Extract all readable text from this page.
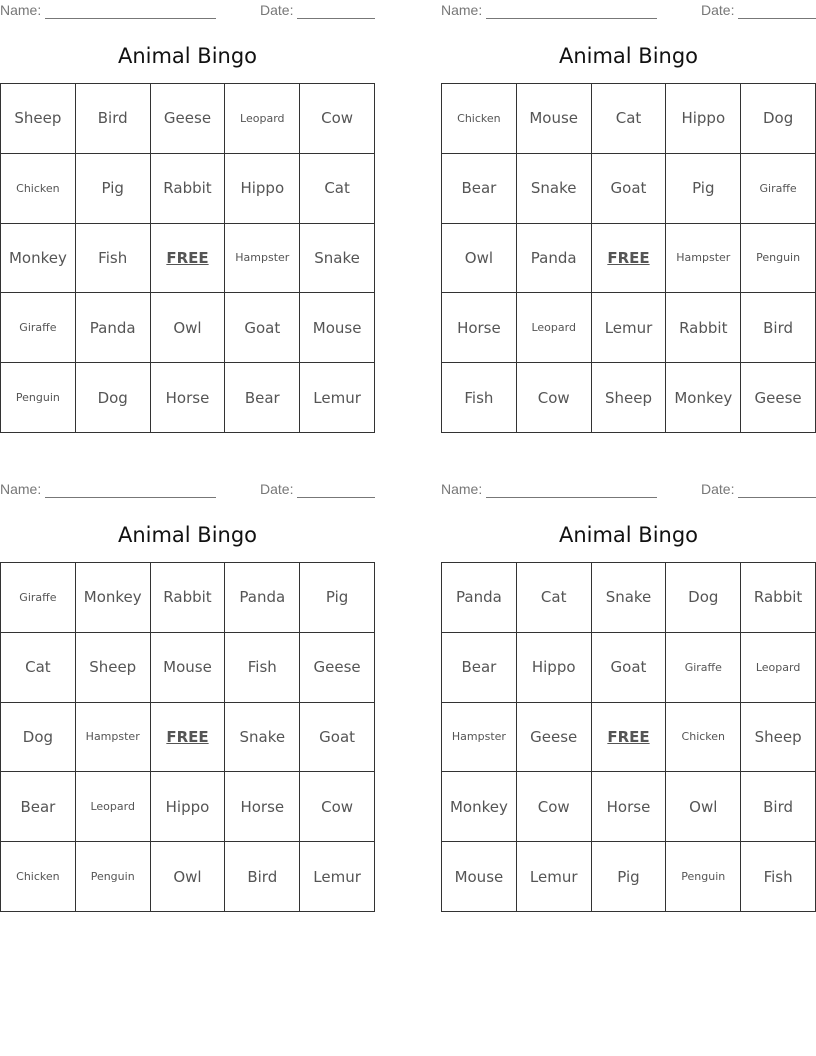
Name:	Date:
Animal Bingo
Sheep	Bird	Geese	Leopard	Cow
Chicken	Pig	Rabbit	Hippo	Cat
Monkey	Fish	FREE	Hampster	Snake
Giraffe	Panda	Owl	Goat	Mouse
Penguin	Dog	Horse	Bear	Lemur
Name:	Date:
Animal Bingo
Chicken	Mouse	Cat	Hippo	Dog
Bear	Snake	Goat	Pig	Giraffe
Owl	Panda	FREE	Hampster	Penguin
Horse	Leopard	Lemur	Rabbit	Bird
Fish	Cow	Sheep	Monkey	Geese
Name:	Date:
Animal Bingo
Giraffe	Monkey	Rabbit	Panda	Pig
Cat	Sheep	Mouse	Fish	Geese
Dog	Hampster	FREE	Snake	Goat
Bear	Leopard	Hippo	Horse	Cow
Chicken	Penguin	Owl	Bird	Lemur
Name:	Date:
Animal Bingo
Panda	Cat	Snake	Dog	Rabbit
Bear	Hippo	Goat	Giraffe	Leopard
Hampster	Geese	FREE	Chicken	Sheep
Monkey	Cow	Horse	Owl	Bird
Mouse	Lemur	Pig	Penguin	Fish
